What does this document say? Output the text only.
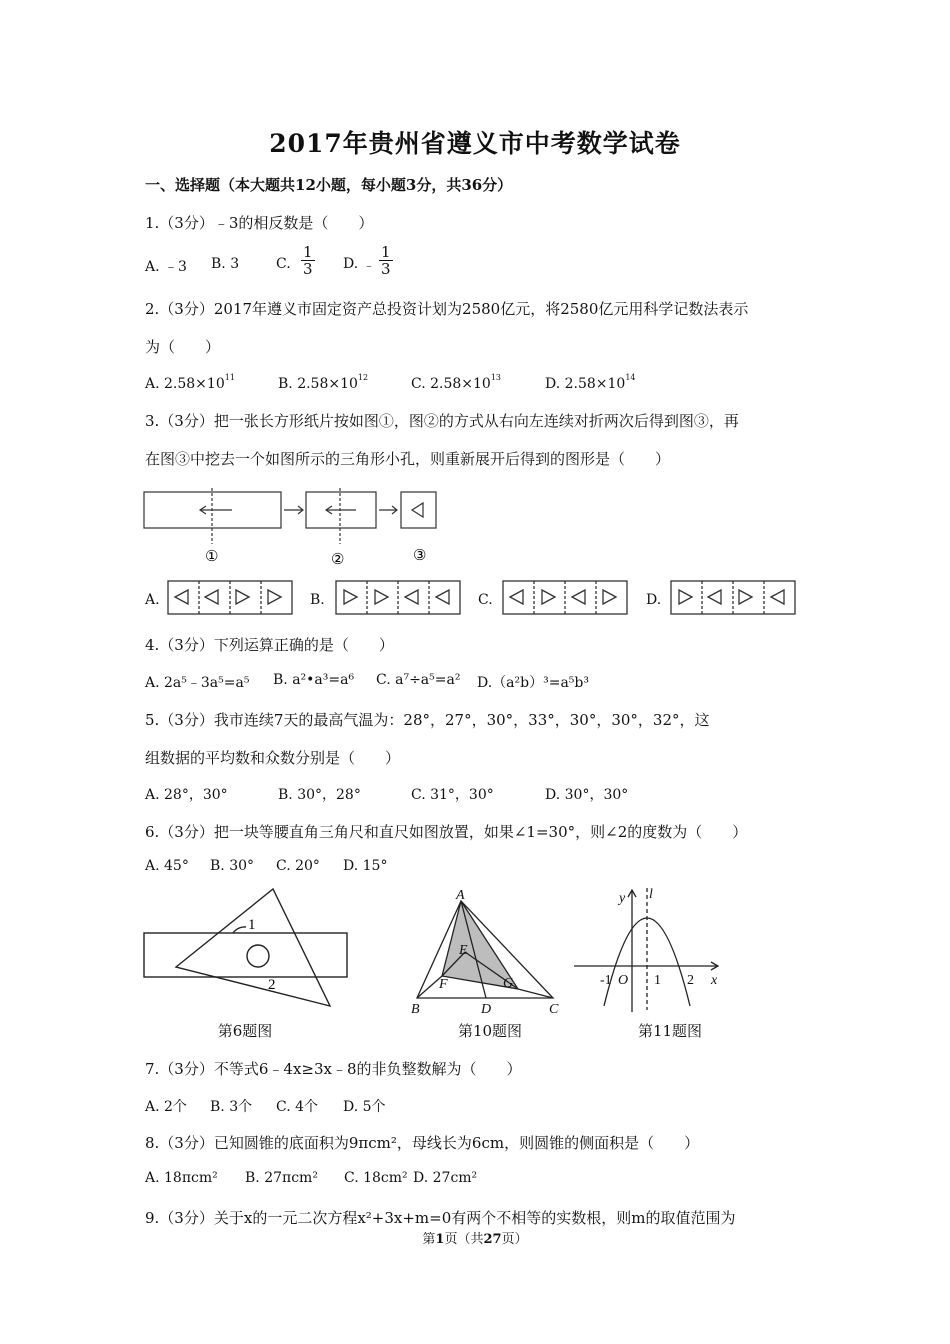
2017年贵州省遵义市中考数学试卷
一、选择题（本大题共12小题，每小题3分，共36分）
1.（3分）﹣3的相反数是（　　）
A. ﹣3 B. 3	C. $\frac{1}{3} D$. ﹣ $\frac{1}{3}$
2.（3分）2017年遵义市固定资产总投资计划为2580亿元，将2580亿元用科学记数法表示
为（　　）
A. $2.58\times 10^{11}$	B. $2.58\times 10^{12}$	C. $2.58\times 10^{13}$	D. $2.58\times 10^{14}$
3.（3分）把一张长方形纸片按如图①，图②的方式从右向左连续对折两次后得到图③，再
在图③中挖去一个如图所示的三角形小孔，则重新展开后得到的图形是（　　）
①	②	③
A.	B.	C.	D.
4.（3分）下列运算正确的是（　　）
A. 2a⁵﹣3a⁵=a⁵ B. a²•a³=a⁶ C. a⁷÷a⁵=a² D.（a²b）³=a⁵b³
5.（3分）我市连续7天的最高气温为：28°，27°，30°，33°，30°，30°，32°，这
组数据的平均数和众数分别是（　　）
A. 28°，30°	B. 30°，28°	C. 31°，30°	D. 30°，30°
6.（3分）把一块等腰直角三角尺和直尺如图放置，如果∠1=30°，则∠2的度数为（　　）
A. 45° B. 30° C. 20° D. 15°
1
2
第6题图
A
E
F	G
B	D	C
第10题图
y l
-1 O 1 2 x
第11题图
7.（3分）不等式6﹣4x≥3x﹣8的非负整数解为（　　）
A. 2个 B. 3个 C. 4个 D. 5个
8.（3分）已知圆锥的底面积为9πcm²，母线长为6cm，则圆锥的侧面积是（　　）
A. 18πcm² B. 27πcm² C. 18cm² D. 27cm²
9.（3分）关于x的一元二次方程x²+3x+m=0有两个不相等的实数根，则m的取值范围为
第1页（共27页）
